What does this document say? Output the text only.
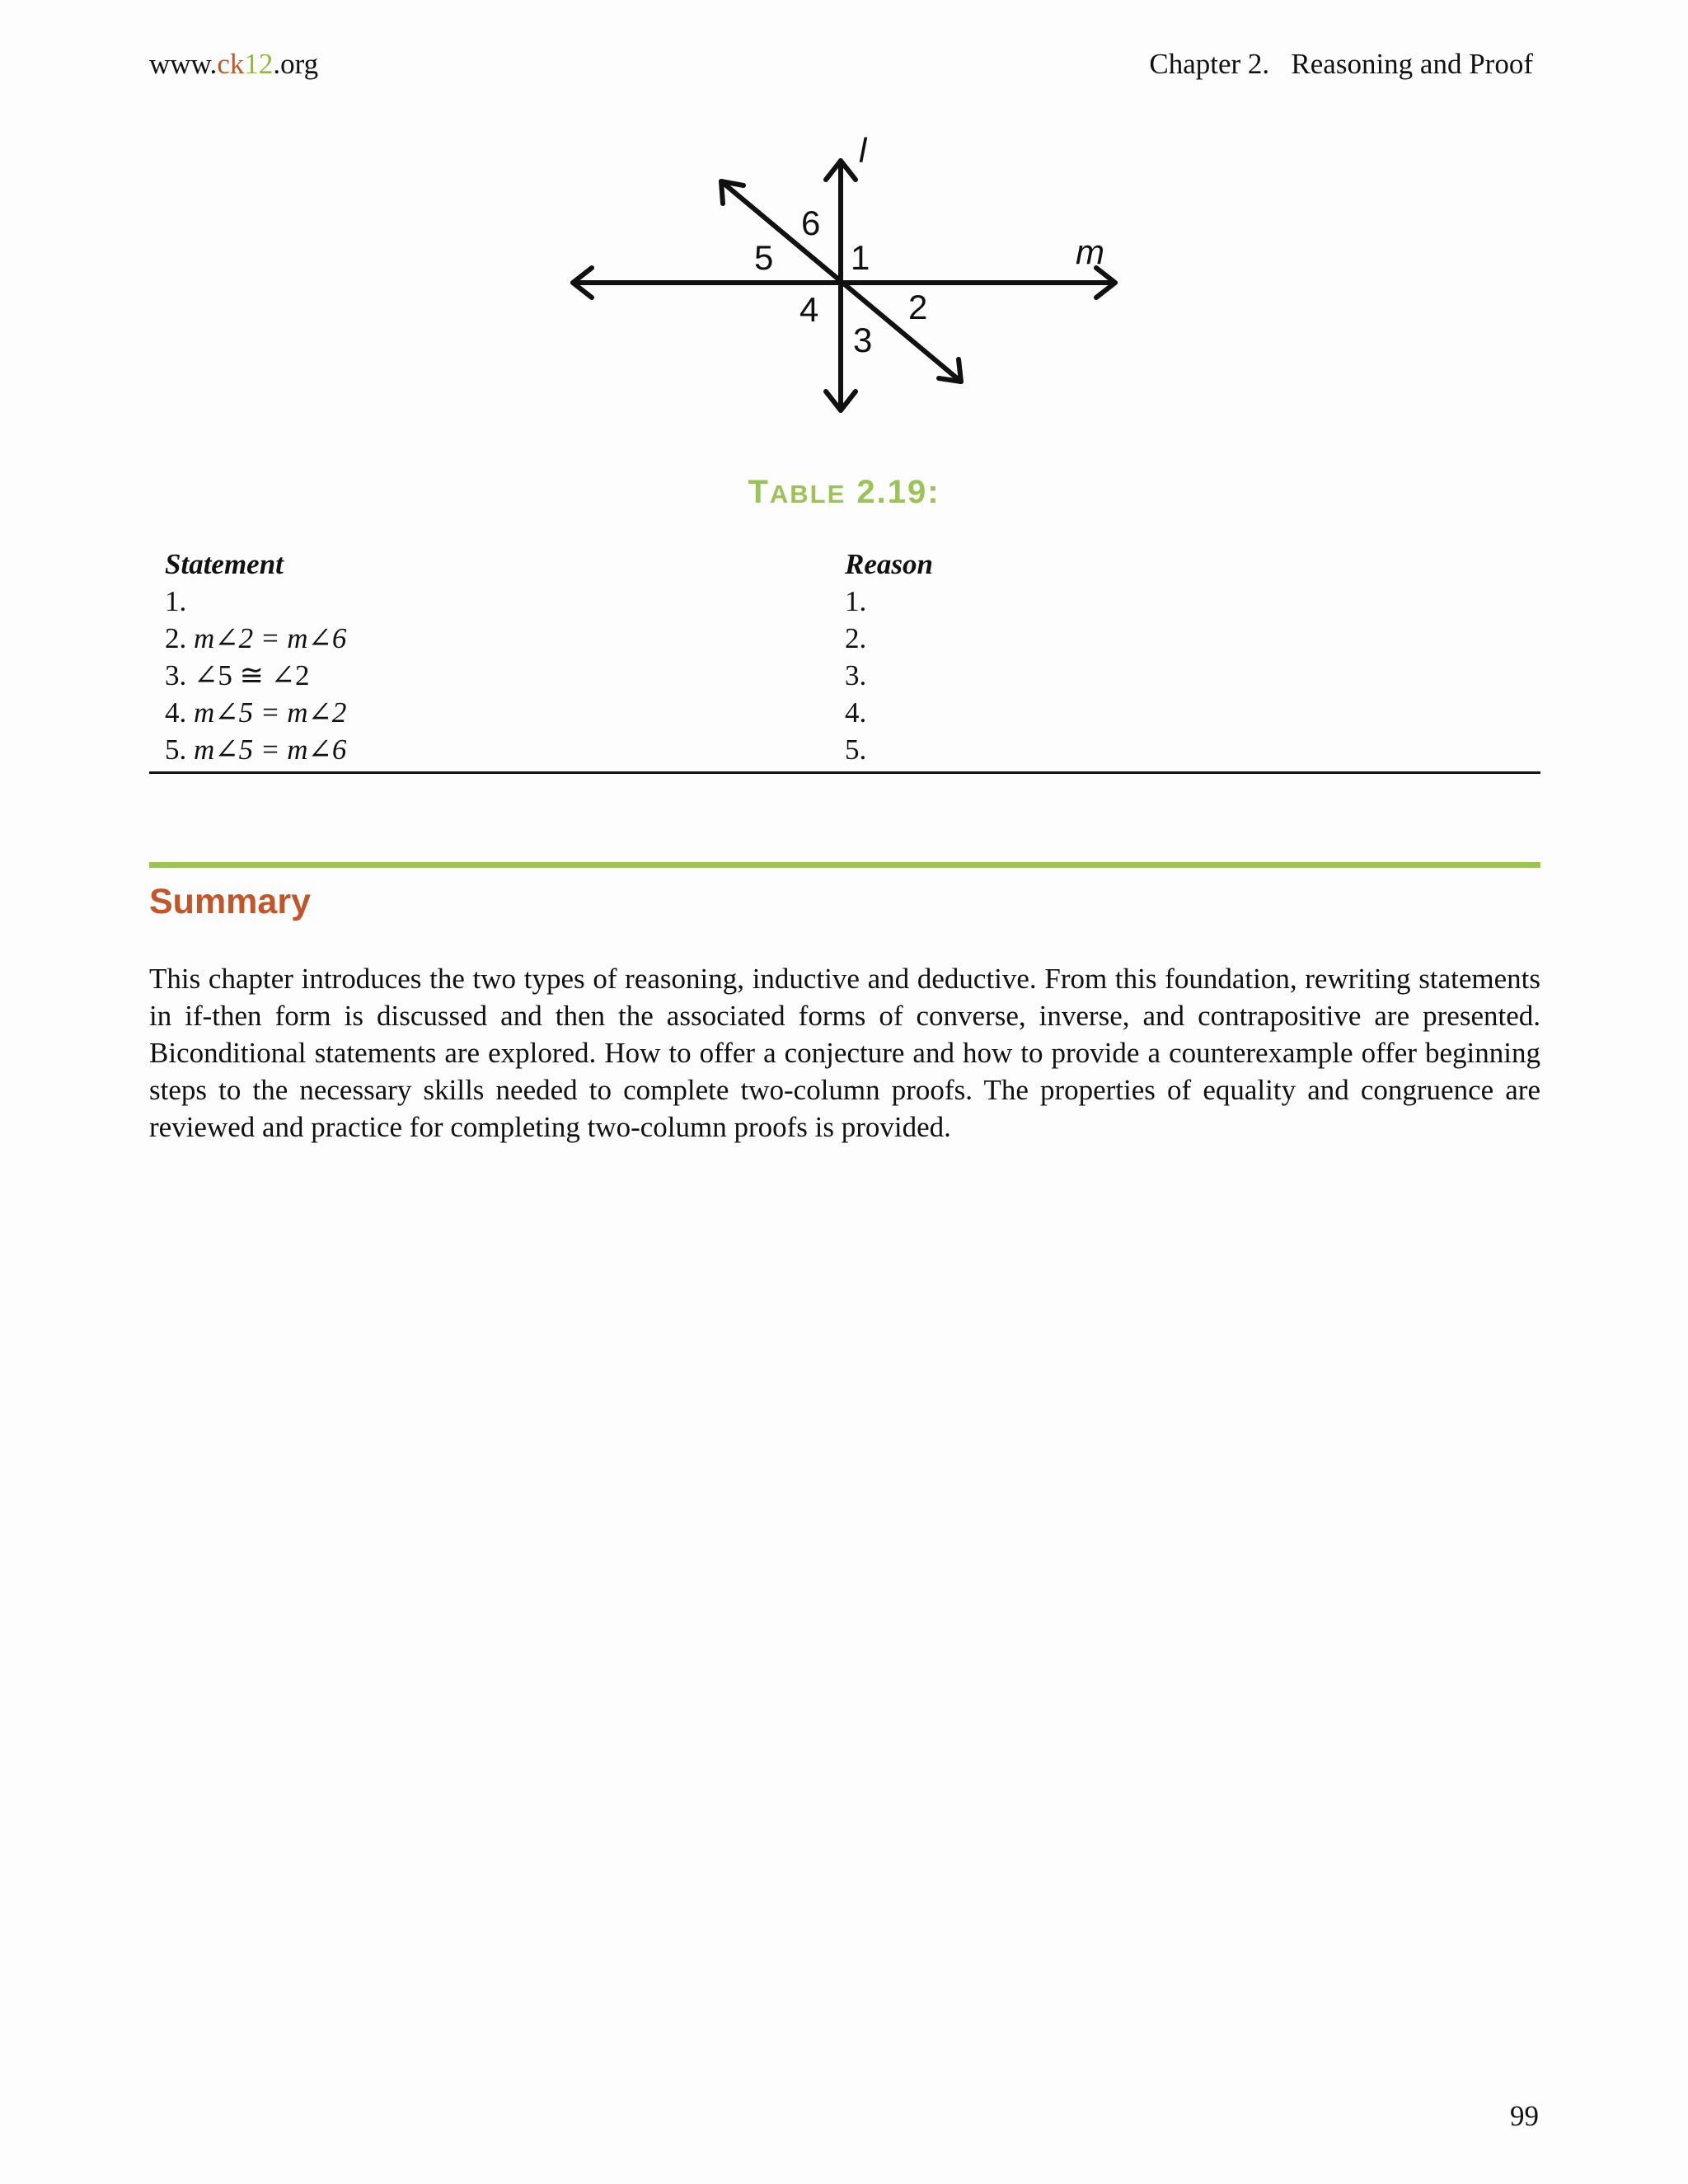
www.ck12.org	Chapter 2.   Reasoning and Proof
l
m
6
5 1
4	2
3
TABLE 2.19:
Statement	Reason
1.	1.
2. m∠2 = m∠6	2.
3. ∠5 ≅ ∠2	3.
4. m∠5 = m∠2	4.
5. m∠5 = m∠6	5.
Summary
This chapter introduces the two types of reasoning, inductive and deductive. From this foundation, rewriting statements in if-then form is discussed and then the associated forms of converse, inverse, and contrapositive are presented. Biconditional statements are explored. How to offer a conjecture and how to provide a counterexample offer beginning steps to the necessary skills needed to complete two-column proofs. The properties of equality and congruence are reviewed and practice for completing two-column proofs is provided.
99
